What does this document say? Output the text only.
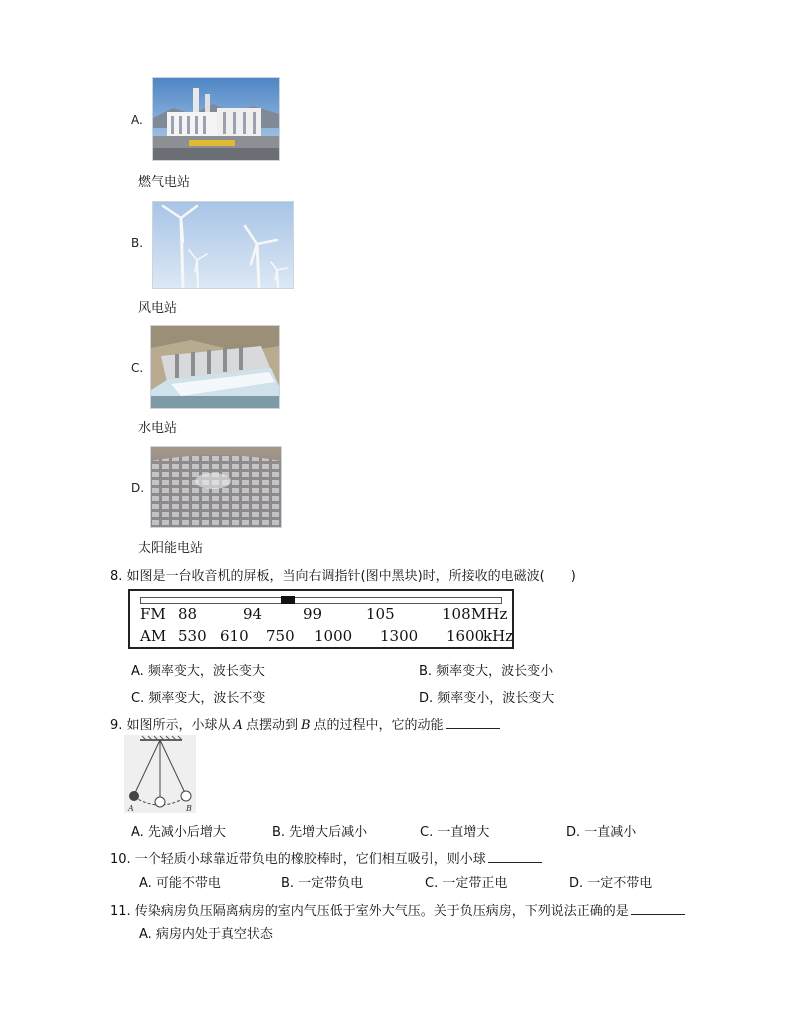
A.
燃气电站
B.
风电站
C.
水电站
D.
太阳能电站
8. 如图是一台收音机的屏板，当向右调指针(图中黑块)时，所接收的电磁波(　　)
FM 88	94	99	105	108 MHz
AM 530 610 750 1000 1300 1600
kHz
A. 频率变大，波长变大	B. 频率变大，波长变小
C. 频率变大，波长不变	D. 频率变小，波长变大
9. 如图所示，小球从 A 点摆动到 B 点的过程中，它的动能
A	B
A. 先减小后增大	B. 先增大后减小	C. 一直增大	D. 一直减小
10. 一个轻质小球靠近带负电的橡胶棒时，它们相互吸引，则小球
A. 可能不带电	B. 一定带负电	C. 一定带正电	D. 一定不带电
11. 传染病房负压隔离病房的室内气压低于室外大气压。关于负压病房，下列说法正确的是
A. 病房内处于真空状态
